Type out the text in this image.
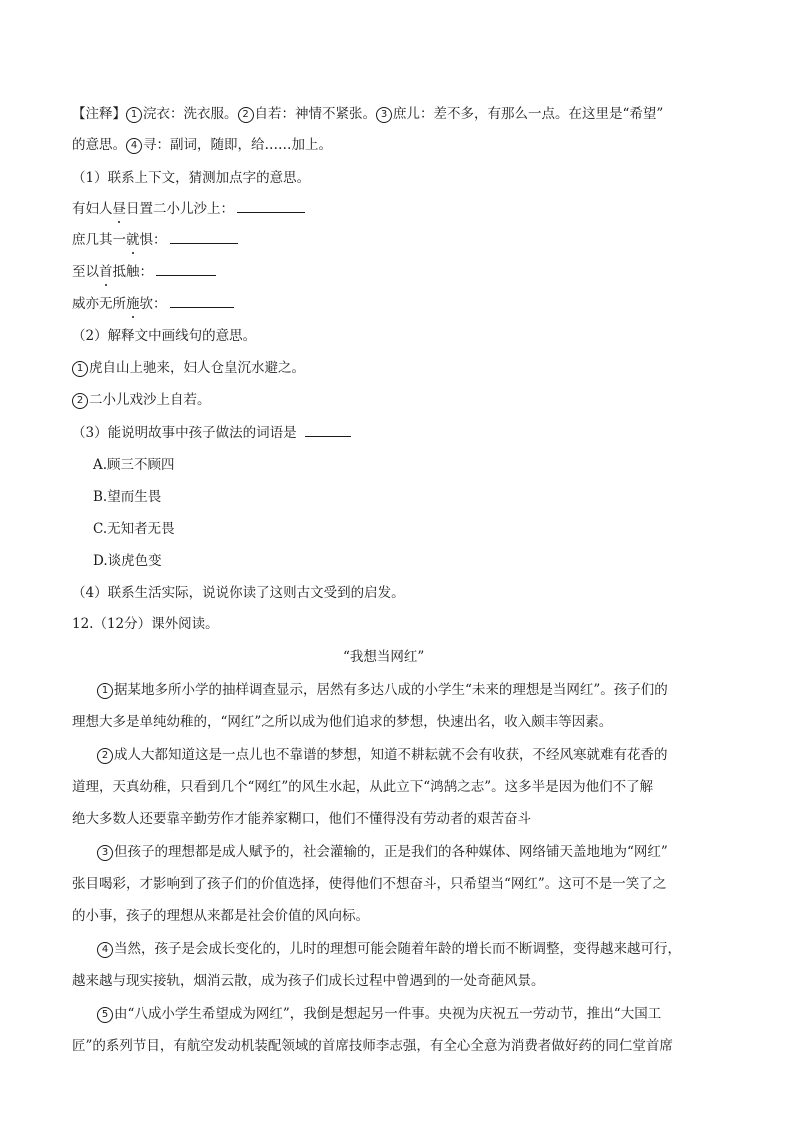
【注释】 1 浣衣：洗衣服。 2 自若：神情不紧张。 3 庶儿：差不多，有那么一点。在这里是“希望”
的意思。 4 寻：副词，随即，给……加上。
（1）联系上下文，猜测加点字的意思。
有妇人昼日置二小儿沙上：
庶几其一就惧：
至以首抵触：
威亦无所施欤：
（2）解释文中画线句的意思。
1 虎自山上驰来，妇人仓皇沉水避之。
2 二小儿戏沙上自若。
（3）能说明故事中孩子做法的词语是
A.顾三不顾四
B.望而生畏
C.无知者无畏
D.谈虎色变
（4）联系生活实际，说说你读了这则古文受到的启发。
12.（12分）课外阅读。
“我想当网红”
1 据某地多所小学的抽样调查显示，居然有多达八成的小学生“未来的理想是当网红”。孩子们的
理想大多是单纯幼稚的，“网红”之所以成为他们追求的梦想，快速出名，收入颇丰等因素。
2 成人大都知道这是一点儿也不靠谱的梦想，知道不耕耘就不会有收获，不经风寒就难有花香的
道理，天真幼稚，只看到几个“网红”的风生水起，从此立下“鸿鹄之志”。这多半是因为他们不了解
绝大多数人还要靠辛勤劳作才能养家糊口，他们不懂得没有劳动者的艰苦奋斗
3 但孩子的理想都是成人赋予的，社会灌输的，正是我们的各种媒体、网络铺天盖地地为“网红”
张目喝彩，才影响到了孩子们的价值选择，使得他们不想奋斗，只希望当“网红”。这可不是一笑了之
的小事，孩子的理想从来都是社会价值的风向标。
4 当然，孩子是会成长变化的，儿时的理想可能会随着年龄的增长而不断调整，变得越来越可行，
越来越与现实接轨，烟消云散，成为孩子们成长过程中曾遇到的一处奇葩风景。
5 由“八成小学生希望成为网红”，我倒是想起另一件事。央视为庆祝五一劳动节，推出“大国工
匠”的系列节目，有航空发动机装配领域的首席技师李志强，有全心全意为消费者做好药的同仁堂首席
